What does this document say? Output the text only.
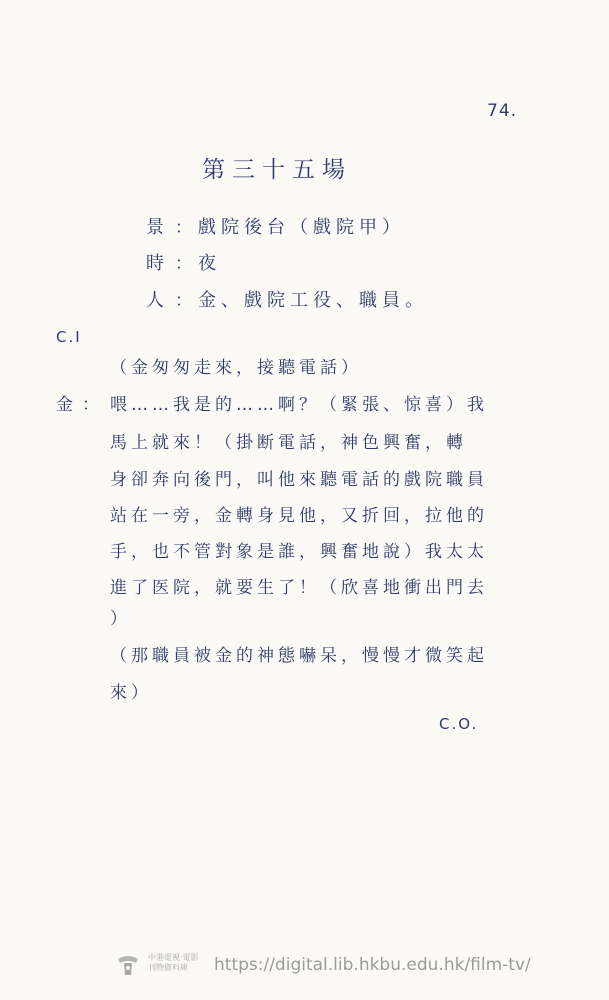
74.
第三十五場
景 ： 戲院後台（戲院甲）
時 ： 夜
人 ： 金、戲院工役、職員。
C.I
（金匆匆走來，接聽電話）
金 ： 喂……我是的……啊？（緊張、惊喜）我
馬上就來！（掛断電話，神色興奮，轉
身卻奔向後門，叫他來聽電話的戲院職員
站在一旁，金轉身見他，又折回，拉他的
手，也不管對象是誰，興奮地說）我太太
進了医院，就要生了！（欣喜地衝出門去
）
（那職員被金的神態嚇呆，慢慢才微笑起
來）
C.O.
中港電視·電影
刊物資料庫	https://digital.lib.hkbu.edu.hk/film-tv/
